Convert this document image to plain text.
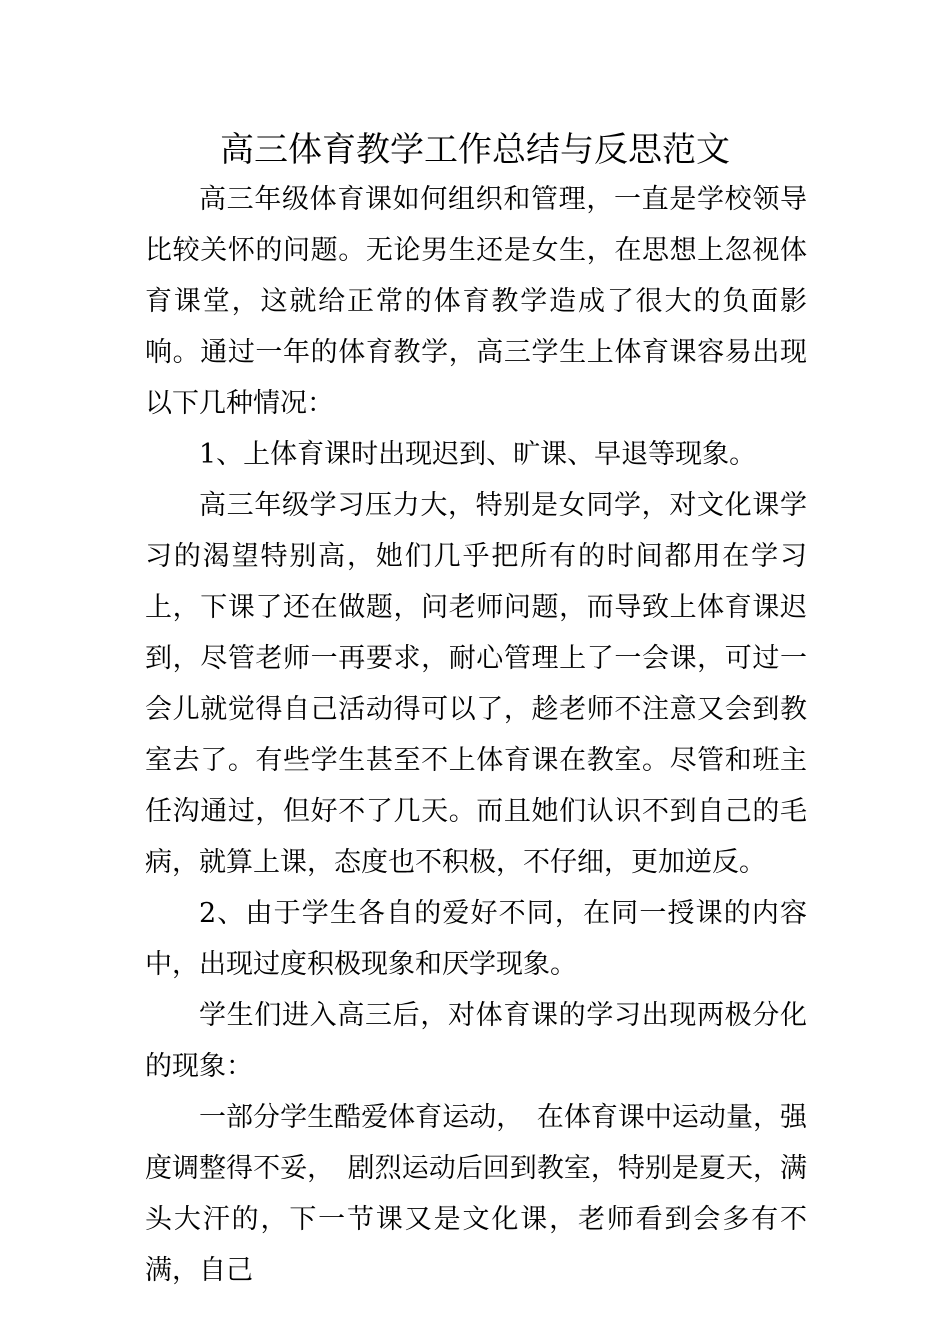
高三体育教学工作总结与反思范文

高三年级体育课如何组织和管理，一直是学校领导比较关怀的问题。无论男生还是女生，在思想上忽视体育课堂，这就给正常的体育教学造成了很大的负面影响。通过一年的体育教学，高三学生上体育课容易出现以下几种情况：

1、上体育课时出现迟到、旷课、早退等现象。

高三年级学习压力大，特别是女同学，对文化课学习的渴望特别高，她们几乎把所有的时间都用在学习上，下课了还在做题，问老师问题，而导致上体育课迟到，尽管老师一再要求，耐心管理上了一会课，可过一会儿就觉得自己活动得可以了，趁老师不注意又会到教室去了。有些学生甚至不上体育课在教室。尽管和班主任沟通过，但好不了几天。而且她们认识不到自己的毛病，就算上课，态度也不积极，不仔细，更加逆反。

2、由于学生各自的爱好不同，在同一授课的内容中，出现过度积极现象和厌学现象。

学生们进入高三后，对体育课的学习出现两极分化的现象：

一部分学生酷爱体育运动，　在体育课中运动量，强度调整得不妥，　剧烈运动后回到教室，特别是夏天，满头大汗的，下一节课又是文化课，老师看到会多有不满，自己
